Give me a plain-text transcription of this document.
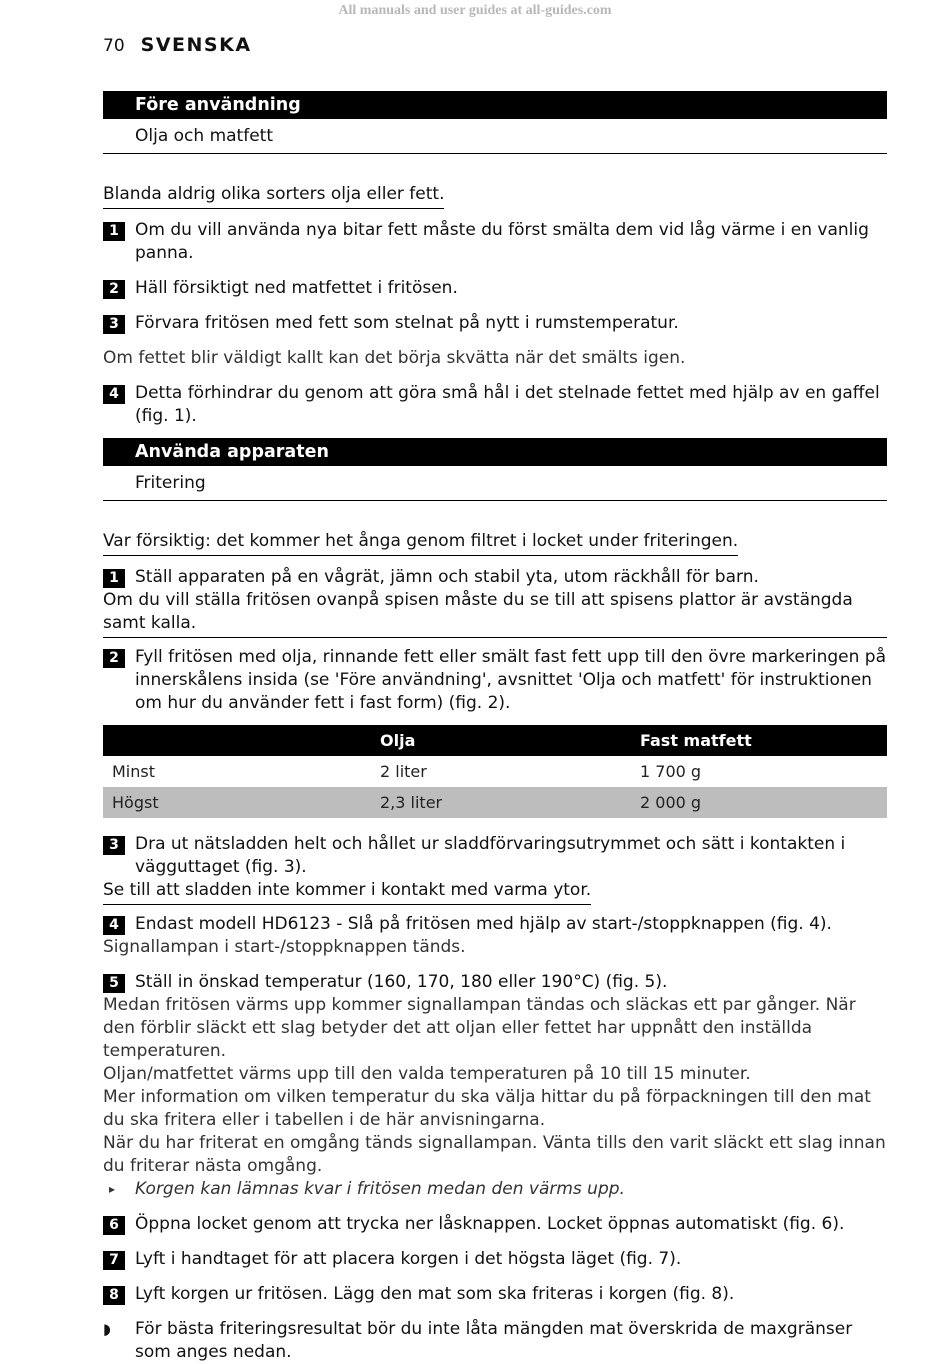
All manuals and user guides at all-guides.com
70 SVENSKA
Före användning
Olja och matfett
Blanda aldrig olika sorters olja eller fett.
1 Om du vill använda nya bitar fett måste du först smälta dem vid låg värme i en vanlig panna.
2 Häll försiktigt ned matfettet i fritösen.
3 Förvara fritösen med fett som stelnat på nytt i rumstemperatur.
Om fettet blir väldigt kallt kan det börja skvätta när det smälts igen.
4 Detta förhindrar du genom att göra små hål i det stelnade fettet med hjälp av en gaffel (fig. 1).
Använda apparaten
Fritering
Var försiktig: det kommer het ånga genom filtret i locket under friteringen.
1 Ställ apparaten på en vågrät, jämn och stabil yta, utom räckhåll för barn.
Om du vill ställa fritösen ovanpå spisen måste du se till att spisens plattor är avstängda samt kalla.
2 Fyll fritösen med olja, rinnande fett eller smält fast fett upp till den övre markeringen på innerskålens insida (se 'Före användning', avsnittet 'Olja och matfett' för instruktionen om hur du använder fett i fast form) (fig. 2).
	Olja	Fast matfett
Minst	2 liter	1 700 g
Högst	2,3 liter	2 000 g
3 Dra ut nätsladden helt och hållet ur sladdförvaringsutrymmet och sätt i kontakten i vägguttaget (fig. 3).
Se till att sladden inte kommer i kontakt med varma ytor.
4 Endast modell HD6123 - Slå på fritösen med hjälp av start-/stoppknappen (fig. 4).
Signallampan i start-/stoppknappen tänds.
5 Ställ in önskad temperatur (160, 170, 180 eller 190°C) (fig. 5).
Medan fritösen värms upp kommer signallampan tändas och släckas ett par gånger. När den förblir släckt ett slag betyder det att oljan eller fettet har uppnått den inställda temperaturen.
Oljan/matfettet värms upp till den valda temperaturen på 10 till 15 minuter.
Mer information om vilken temperatur du ska välja hittar du på förpackningen till den mat du ska fritera eller i tabellen i de här anvisningarna.
När du har friterat en omgång tänds signallampan. Vänta tills den varit släckt ett slag innan du friterar nästa omgång.
▸ Korgen kan lämnas kvar i fritösen medan den värms upp.
6 Öppna locket genom att trycka ner låsknappen. Locket öppnas automatiskt (fig. 6).
7 Lyft i handtaget för att placera korgen i det högsta läget (fig. 7).
8 Lyft korgen ur fritösen. Lägg den mat som ska friteras i korgen (fig. 8).
◗ För bästa friteringsresultat bör du inte låta mängden mat överskrida de maxgränser som anges nedan.
